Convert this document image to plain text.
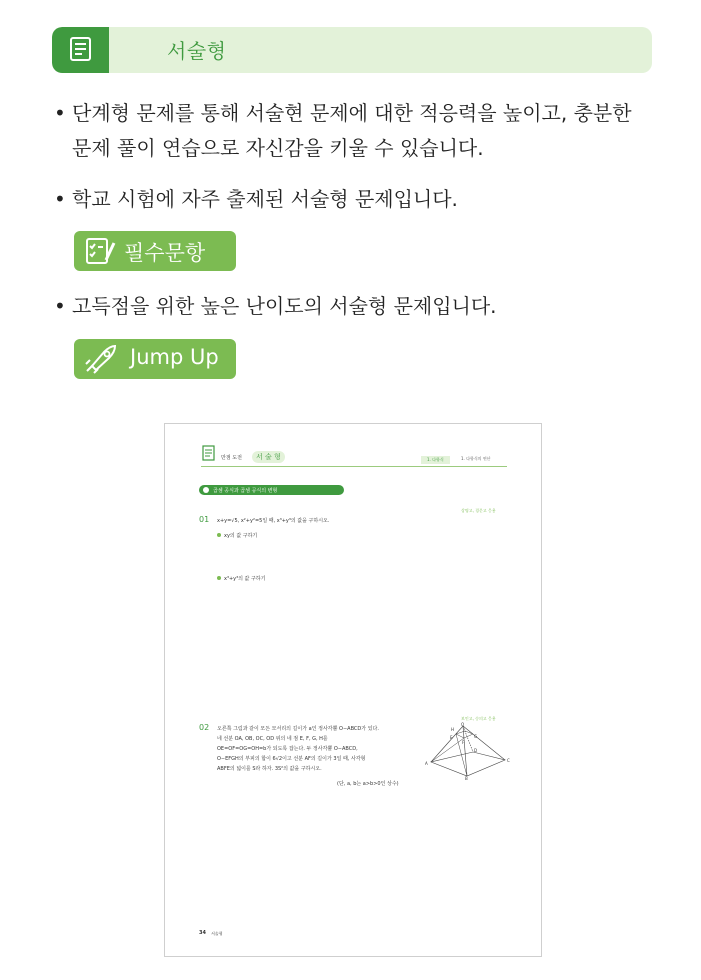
서술형
• 단계형 문제를 통해 서술현 문제에 대한 적응력을 높이고, 충분한
문제 풀이 연습으로 자신감을 키울 수 있습니다.
• 학교 시험에 자주 출제된 서술형 문제입니다.
필수문항
• 고득점을 위한 높은 난이도의 서술형 문제입니다.
Jump Up
만점 도전	서 술 형	1. 다항식	1. 다항식의 연산
곱셈 공식과 곱셈 공식의 변형
상명고, 경문고 응용
01 x+y=√5, x²+y²=5일 때, x³+y³의 값을 구하시오.
xy의 값 구하기
x³+y³의 값 구하기
보인고, 숭의고 응용
02 오른쪽 그림과 같이 모든 모서리의 길이가 a인 정사각뿔 O−ABCD가 있다.
네 선분 OA, OB, OC, OD 위의 네 점 E, F, G, H를
OE=OF=OG=OH=b가 되도록 잡는다. 두 정사각뿔 O−ABCD,
O−EFGH의 부피의 합이 6√2이고 선분 AF의 길이가 3일 때, 사각형
ABFE의 넓이를 S라 하자. 3S²의 값을 구하시오.
(단, a, b는 a>b>0인 상수)
O
H
E	G
F
D
A
B
C
34 서술형
